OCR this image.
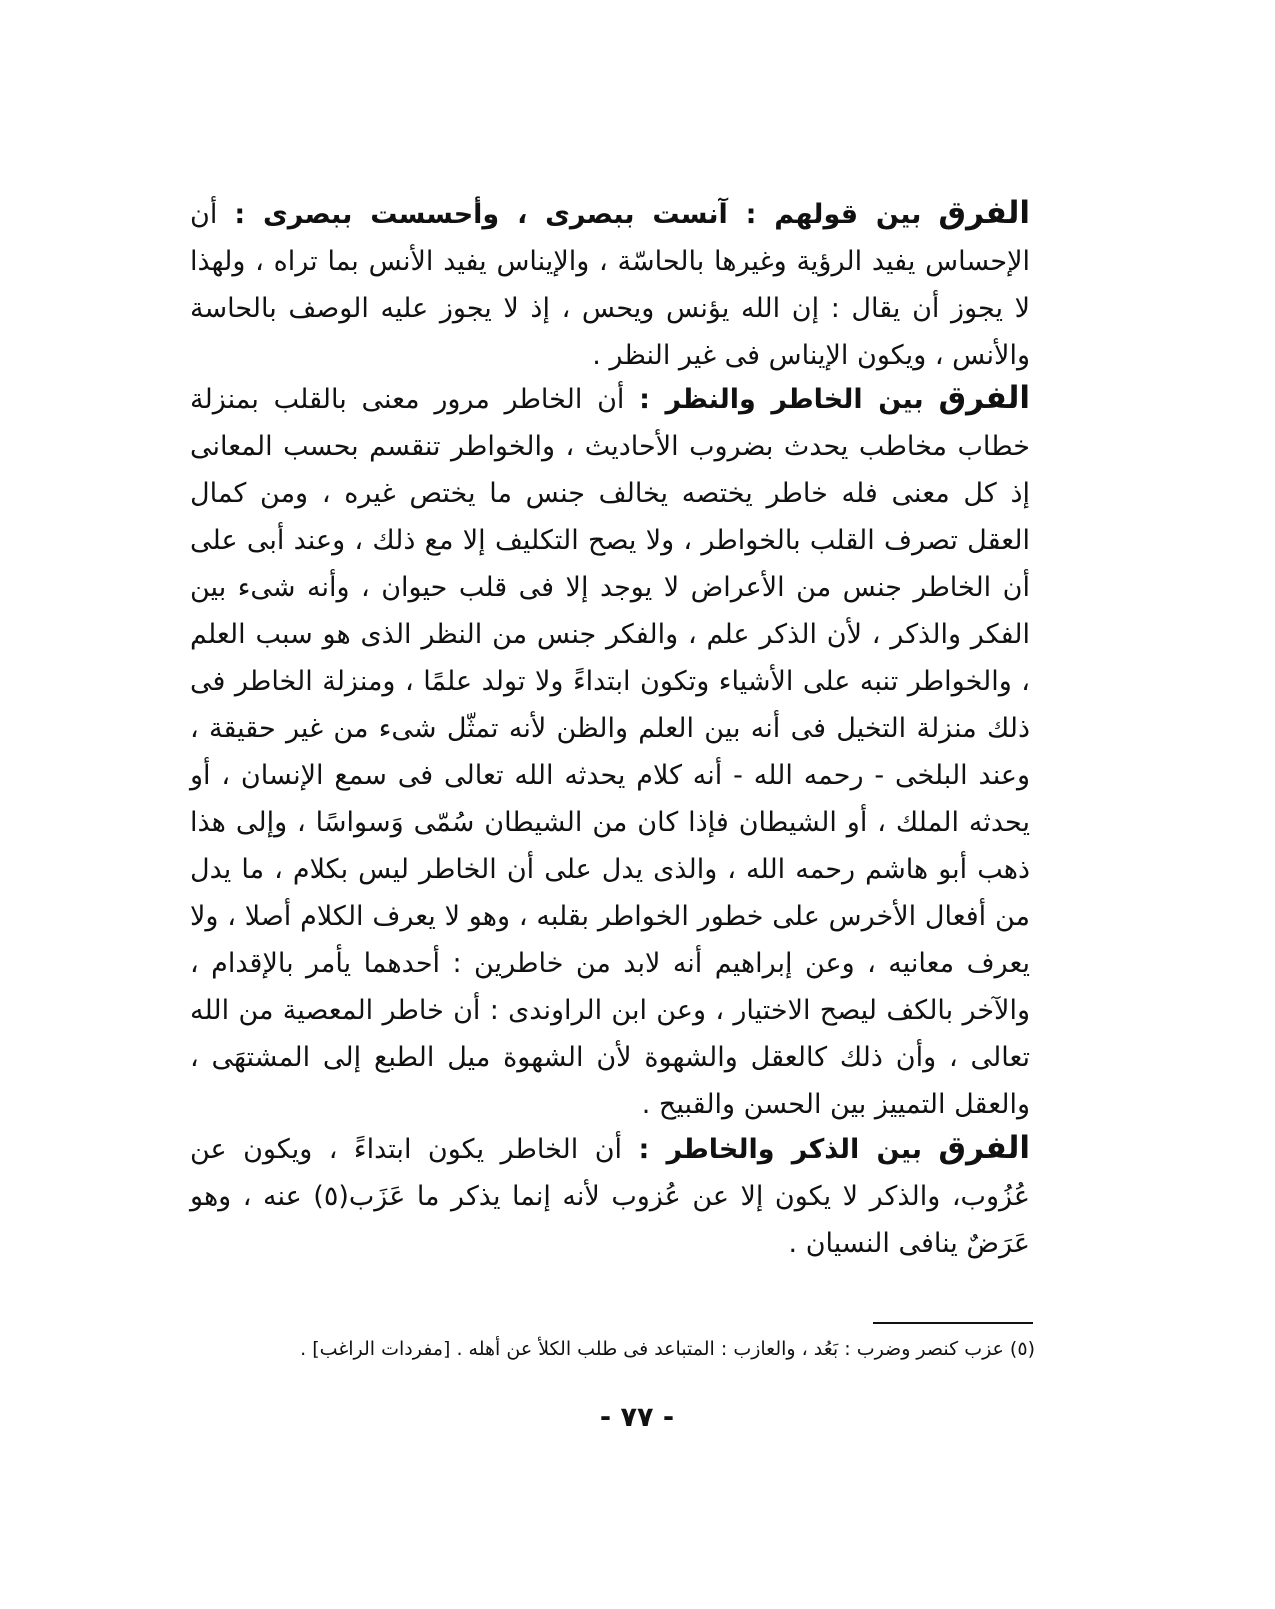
الفرق بين قولهم : آنست ببصرى ، وأحسست ببصرى : أن الإحساس يفيد الرؤية وغيرها بالحاسّة ، والإيناس يفيد الأنس بما تراه ، ولهذا لا يجوز أن يقال : إن الله يؤنس ويحس ، إذ لا يجوز عليه الوصف بالحاسة والأنس ، ويكون الإيناس فى غير النظر .
الفرق بين الخاطر والنظر : أن الخاطر مرور معنى بالقلب بمنزلة خطاب مخاطب يحدث بضروب الأحاديث ، والخواطر تنقسم بحسب المعانى إذ كل معنى فله خاطر يختصه يخالف جنس ما يختص غيره ، ومن كمال العقل تصرف القلب بالخواطر ، ولا يصح التكليف إلا مع ذلك ، وعند أبى على أن الخاطر جنس من الأعراض لا يوجد إلا فى قلب حيوان ، وأنه شىء بين الفكر والذكر ، لأن الذكر علم ، والفكر جنس من النظر الذى هو سبب العلم ، والخواطر تنبه على الأشياء وتكون ابتداءً ولا تولد علمًا ، ومنزلة الخاطر فى ذلك منزلة التخيل فى أنه بين العلم والظن لأنه تمثّل شىء من غير حقيقة ، وعند البلخى - رحمه الله - أنه كلام يحدثه الله تعالى فى سمع الإنسان ، أو يحدثه الملك ، أو الشيطان فإذا كان من الشيطان سُمّى وَسواسًا ، وإلى هذا ذهب أبو هاشم رحمه الله ، والذى يدل على أن الخاطر ليس بكلام ، ما يدل من أفعال الأخرس على خطور الخواطر بقلبه ، وهو لا يعرف الكلام أصلا ، ولا يعرف معانيه ، وعن إبراهيم أنه لابد من خاطرين : أحدهما يأمر بالإقدام ، والآخر بالكف ليصح الاختيار ، وعن ابن الراوندى : أن خاطر المعصية من الله تعالى ، وأن ذلك كالعقل والشهوة لأن الشهوة ميل الطبع إلى المشتهَى ، والعقل التمييز بين الحسن والقبيح .
الفرق بين الذكر والخاطر : أن الخاطر يكون ابتداءً ، ويكون عن عُزُوب، والذكر لا يكون إلا عن عُزوب لأنه إنما يذكر ما عَزَب(٥) عنه ، وهو عَرَضٌ ينافى النسيان .
(٥) عزب كنصر وضرب : بَعُد ، والعازب : المتباعد فى طلب الكلأ عن أهله . [مفردات الراغب] .
- ٧٧ -
